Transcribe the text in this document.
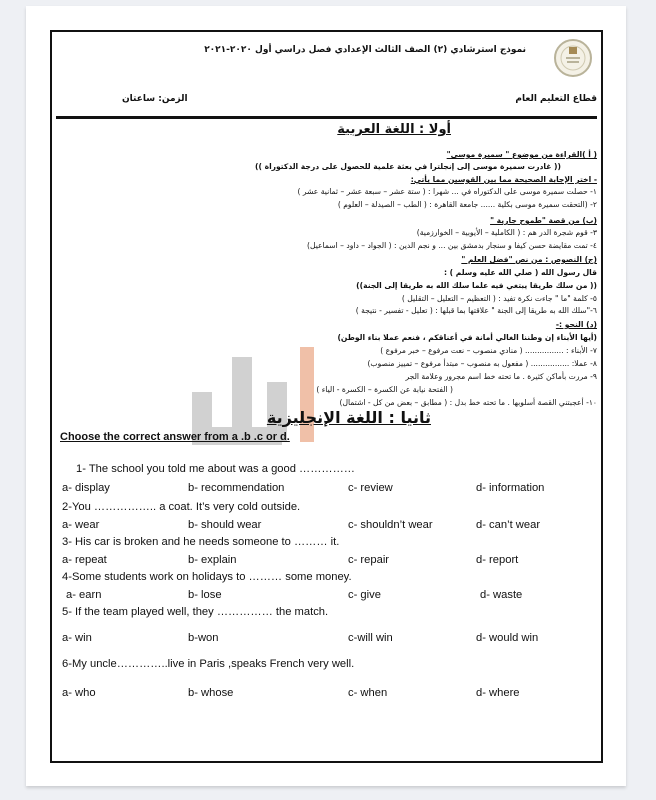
نموذج استرشادي (٢) الصف الثالث الإعدادي فصل دراسي أول ٢٠٢٠-٢٠٢١
الزمن: ساعتان	قطاع التعليم العام
أولا : اللغة العربية
( أ )القراءة من موضوع " سميرة موسى"
(( غادرت سميرة موسى إلى إنجلترا في بعثة علمية للحصول على درجة الدكتوراة ))
- اختر الإجابة الصحيحة مما بين القوسين مما يأتي:
١- حصلت سميرة موسى على الدكتوراه في ... شهرا : ( ستة عشر – سبعة عشر – ثمانية عشر )
٢- (التحقت سميرة موسى بكلية ...... جامعة القاهرة : ( الطب – الصيدلة – العلوم )
(ب) من قصة "طموح جارية "
٣- قوم شجرة الدر هم : ( الكاملية – الأيوبية – الخوارزمية)
٤- تمت مقايضة حسن كيفا و سنجار بدمشق بين ... و نجم الدين : ( الجواد – داود – اسماعيل)
(ج) النصوص : من نص "فضل العلم "
قال رسول الله ( صلي الله عليه وسلم ) :
(( من سلك طريقا يبتغي فيه علما سلك الله به طريقا إلى الجنة))
٥- كلمة "ما " جاءت نكرة تفيد : ( التعظيم – التعليل – التقليل )
٦-"سلك الله به طريقا إلى الجنة " علاقتها بما قبلها : ( تعليل - تفسير - نتيجة )
(د) النحو :-
(أيها الأبناء إن وطننا الغالي أمانة في أعناقكم ، فنعم عملا بناء الوطن)
٧- الأبناء : ................ ( منادي منصوب – نعت مرفوع – خبر مرفوع )
٨- عملا: ................ ( مفعول به منصوب – مبتدأ مرفوع – تمييز منصوب)
٩- مررت بأماكن كثيرة . ما تحته خط اسم مجرور وعلامة الجر
( الفتحة نيابة عن الكسرة – الكسرة - الياء )
١٠- أعجبتني القصة أسلوبها . ما تحته خط بدل : ( مطابق – بعض من كل - اشتمال)
ثانيا : اللغة الإنجليزية
Choose the correct answer from a .b .c or d.
1- The school you told me about was a good ……………
a- display	b- recommendation	c- review	d- information
2-You …………….. a coat. It’s very cold outside.
a- wear	b- should wear	c- shouldn’t wear	d- can’t wear
3- His car is broken and he needs someone to ……… it.
a- repeat	b- explain	c- repair	d- report
4-Some students work on holidays to ……… some money.
a- earn	b- lose	c- give	d- waste
5- If the team played well, they …………… the match.
a- win	b-won	c-will win	d- would win
6-My uncle…………..live in Paris ,speaks French very well.
a- who	b- whose	c- when	d- where
